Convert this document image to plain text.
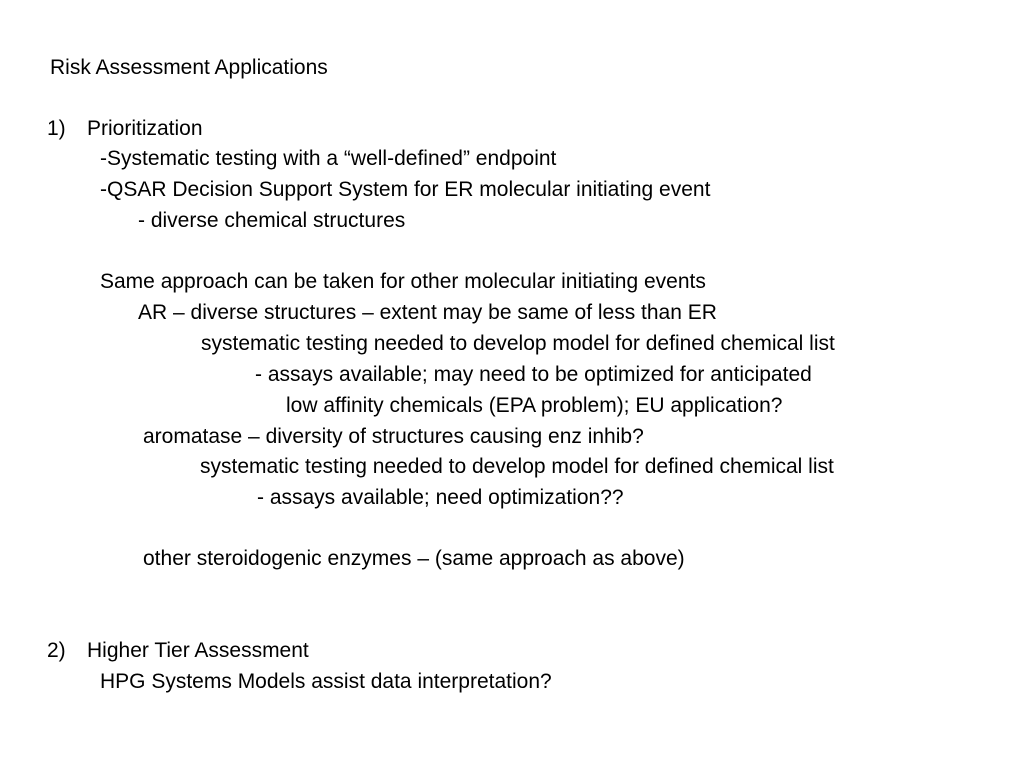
Risk Assessment Applications
1) Prioritization
-Systematic testing with a “well-defined” endpoint
-QSAR Decision Support System for ER molecular initiating event
- diverse chemical structures
Same approach can be taken for other molecular initiating events
AR – diverse structures – extent may be same of less than ER
systematic testing needed to develop model for defined chemical list
- assays available; may need to be optimized for anticipated
low affinity chemicals (EPA problem); EU application?
aromatase – diversity of structures causing enz inhib?
systematic testing needed to develop model for defined chemical list
- assays available; need optimization??
other steroidogenic enzymes – (same approach as above)
2) Higher Tier Assessment
HPG Systems Models assist data interpretation?
